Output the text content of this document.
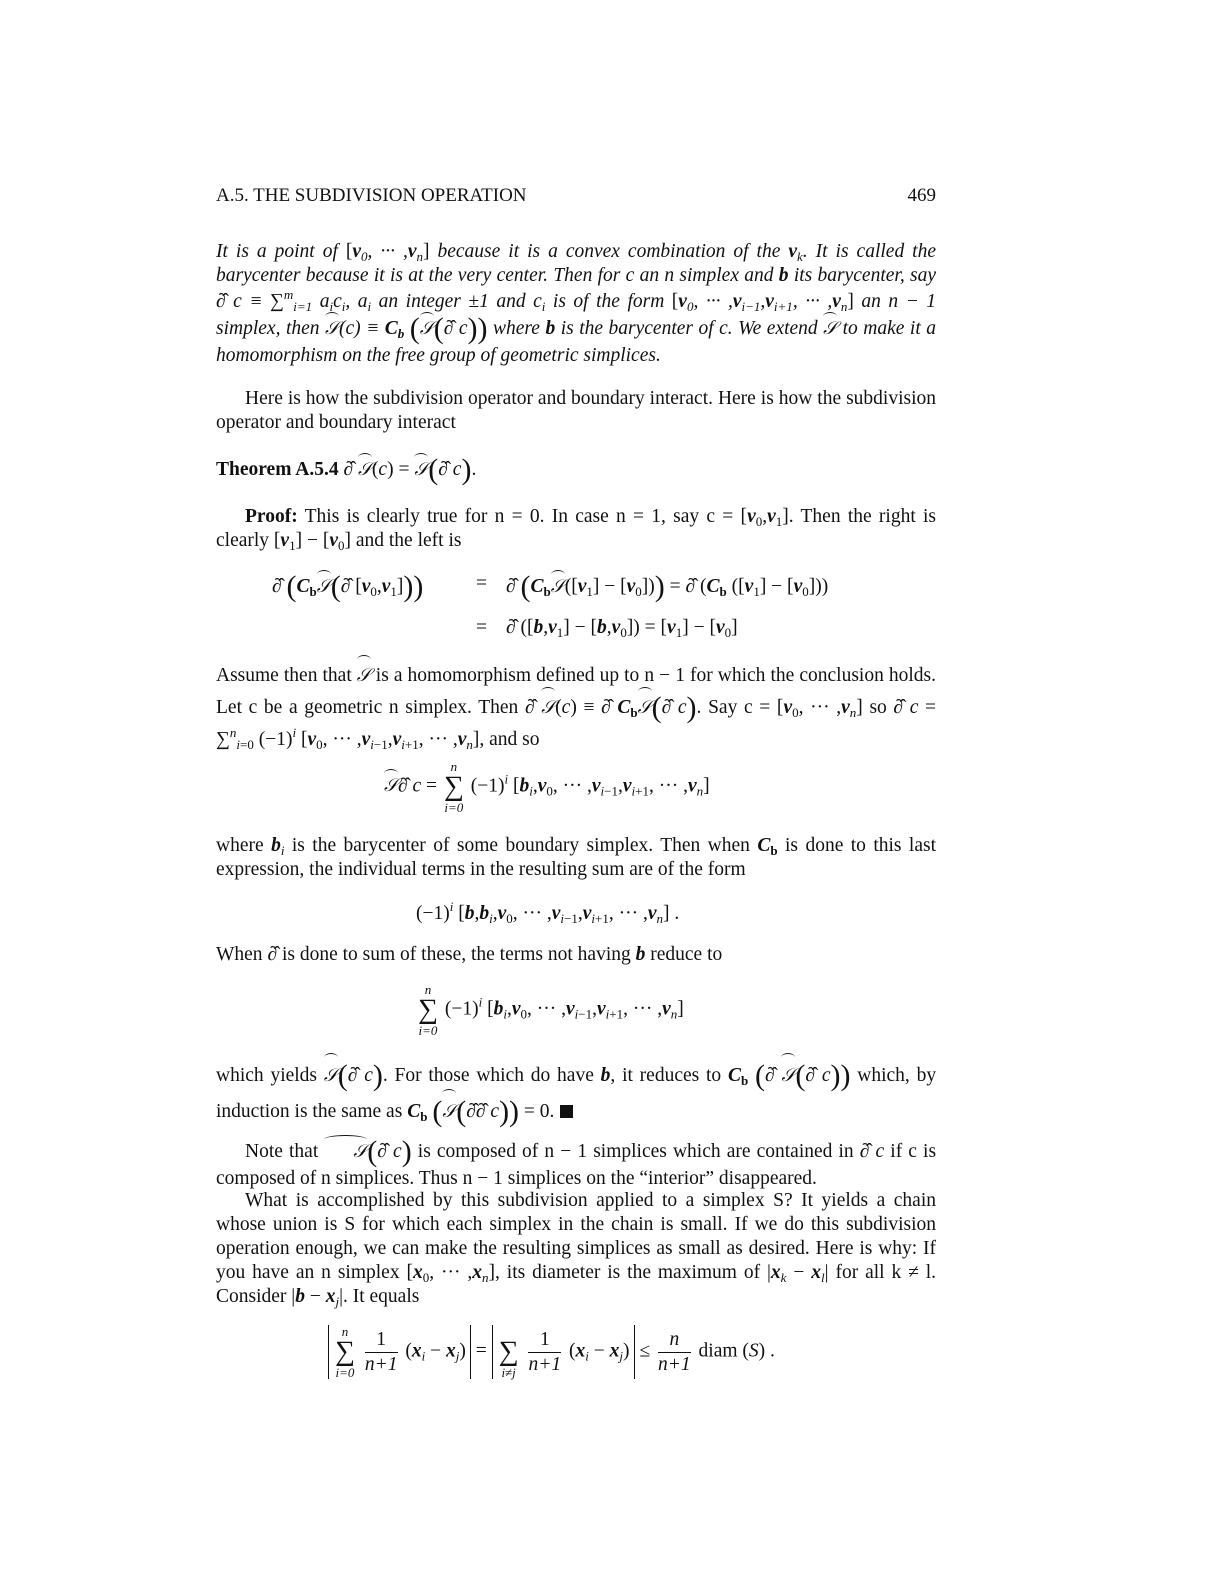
A.5. THE SUBDIVISION OPERATION	469
It is a point of [$v_0$, ··· $,v_n$] because it is a convex combination of the $v_k$. It is called the barycenter because it is at the very center. Then for c an n simplex and b its barycenter, say ∂̂ c ≡ ∑$^m_{i=1}$ $a_ic_i$, $a_i$ an integer ±1 and $c_i$ is of the form [$v_0$, ··· $,v_{i-1},v_{i+1}$, ··· $,v_n$] an n − 1 simplex, then 𝒮(c) ≡ $C_b$ (𝒮(∂̂ c)) where b is the barycenter of c. We extend 𝒮 to make it a homomorphism on the free group of geometric simplices.
Here is how the subdivision operator and boundary interact. Here is how the subdivision operator and boundary interact
Theorem A.5.4 ∂̂ 𝒮(c) = 𝒮(∂̂ c).
Proof: This is clearly true for n = 0. In case n = 1, say $c = [v_0,v_1]$. Then the right is clearly $[v_1] - [v_0]$ and the left is
∂̂ ($C_b𝒮(\partial̂$ $[v_0,v_1]$))	= ∂̂ $(C_b𝒮([v_1] - [v_0]))$ = ∂̂ ($C_b$ $([v_1] - [v_0])$)
= ∂̂ $([b,v_1] - [b,v_0]) = [v_1] - [v_0]$
Assume then that 𝒮 is a homomorphism defined up to n − 1 for which the conclusion holds. Let c be a geometric n simplex. Then ∂̂ 𝒮(c) ≡ ∂̂ $C_b𝒮(\partial̂$ c). Say $c = [v_0$, ··· $,v_n$] so ∂̂ c = ∑$^n_{i=0}$ $(-1)^i$ [$v_0$, ··· $,v_{i-1},v_{i+1}$, ··· $,v_n$], and so
𝒮∂̂ c =
n
∑
i=0
$(-1)^i$ [$b_i,v_0$, ··· $,v_{i-1},v_{i+1}$, ··· $,v_n$]
where $b_i$ is the barycenter of some boundary simplex. Then when $C_b$ is done to this last expression, the individual terms in the resulting sum are of the form
$(-1)^i$ [$b,b_i,v_0$, ··· $,v_{i-1},v_{i+1}$, ··· $,v_n$] .
When ∂̂ is done to sum of these, the terms not having b reduce to
n
∑
i=0
$(-1)^i$ [$b_i,v_0$, ··· $,v_{i-1},v_{i+1}$, ··· $,v_n$]
which yields 𝒮(∂̂ c). For those which do have b, it reduces to $C_b$ (∂̂ 𝒮(∂̂ c)) which, by induction is the same as $C_b$ (𝒮(∂̂∂̂ c)) = 0.
Note that 𝒮(∂̂ c) is composed of n − 1 simplices which are contained in ∂̂ c if c is composed of n simplices. Thus n − 1 simplices on the “interior” disappeared.
What is accomplished by this subdivision applied to a simplex S? It yields a chain whose union is S for which each simplex in the chain is small. If we do this subdivision operation enough, we can make the resulting simplices as small as desired. Here is why: If you have an n simplex [$x_0$, ··· $,x_n$], its diameter is the maximum of $|x_k - x_l|$ for all k ≠ l. Consider $|b - x_j|$. It equals
n
∑
i=0
$\frac{1}{n+1} (x_i - x_j)$ =
∑
i≠j
$\frac{1}{n+1} (x_i - x_j) \le \frac{n}{n+1}$ diam (S) .
